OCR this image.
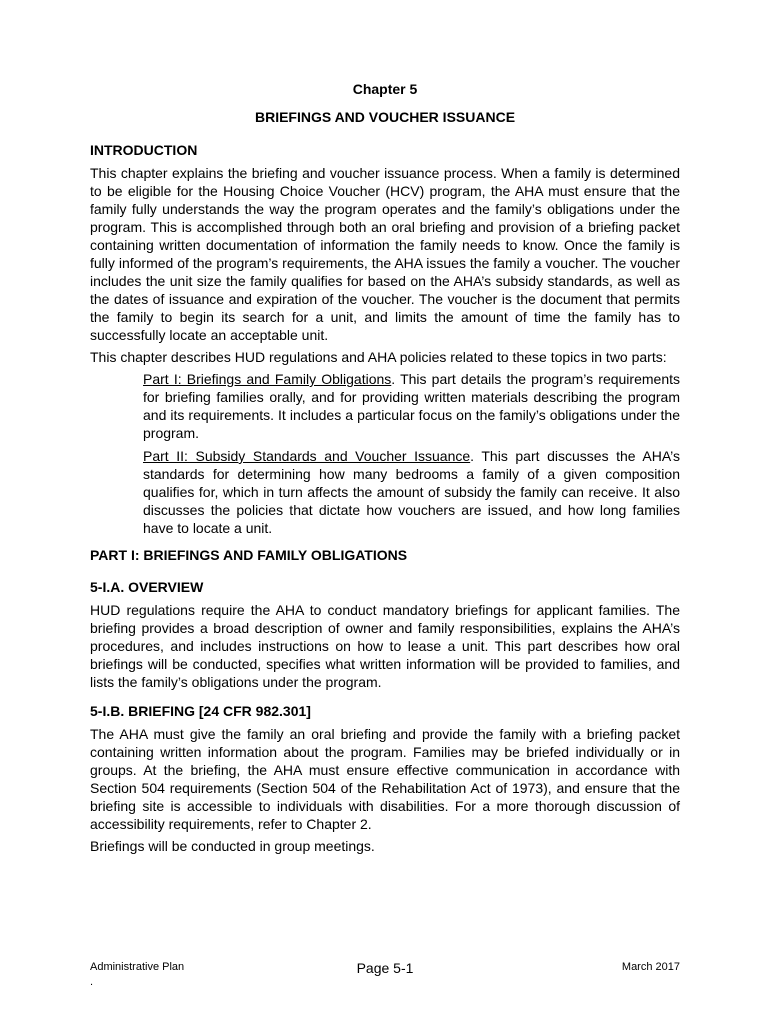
Chapter 5
BRIEFINGS AND VOUCHER ISSUANCE
INTRODUCTION

This chapter explains the briefing and voucher issuance process. When a family is determined to be eligible for the Housing Choice Voucher (HCV) program, the AHA must ensure that the family fully understands the way the program operates and the family’s obligations under the program. This is accomplished through both an oral briefing and provision of a briefing packet containing written documentation of information the family needs to know. Once the family is fully informed of the program’s requirements, the AHA issues the family a voucher. The voucher includes the unit size the family qualifies for based on the AHA’s subsidy standards, as well as the dates of issuance and expiration of the voucher. The voucher is the document that permits the family to begin its search for a unit, and limits the amount of time the family has to successfully locate an acceptable unit.

This chapter describes HUD regulations and AHA policies related to these topics in two parts:

Part I: Briefings and Family Obligations. This part details the program’s requirements for briefing families orally, and for providing written materials describing the program and its requirements. It includes a particular focus on the family’s obligations under the program.

Part II: Subsidy Standards and Voucher Issuance. This part discusses the AHA’s standards for determining how many bedrooms a family of a given composition qualifies for, which in turn affects the amount of subsidy the family can receive. It also discusses the policies that dictate how vouchers are issued, and how long families have to locate a unit.

PART I: BRIEFINGS AND FAMILY OBLIGATIONS
5-I.A. OVERVIEW

HUD regulations require the AHA to conduct mandatory briefings for applicant families. The briefing provides a broad description of owner and family responsibilities, explains the AHA’s procedures, and includes instructions on how to lease a unit. This part describes how oral briefings will be conducted, specifies what written information will be provided to families, and lists the family’s obligations under the program.

5-I.B. BRIEFING [24 CFR 982.301]

The AHA must give the family an oral briefing and provide the family with a briefing packet containing written information about the program. Families may be briefed individually or in groups. At the briefing, the AHA must ensure effective communication in accordance with Section 504 requirements (Section 504 of the Rehabilitation Act of 1973), and ensure that the briefing site is accessible to individuals with disabilities. For a more thorough discussion of accessibility requirements, refer to Chapter 2.

Briefings will be conducted in group meetings.

Administrative Plan	Page 5-1	March 2017
.
